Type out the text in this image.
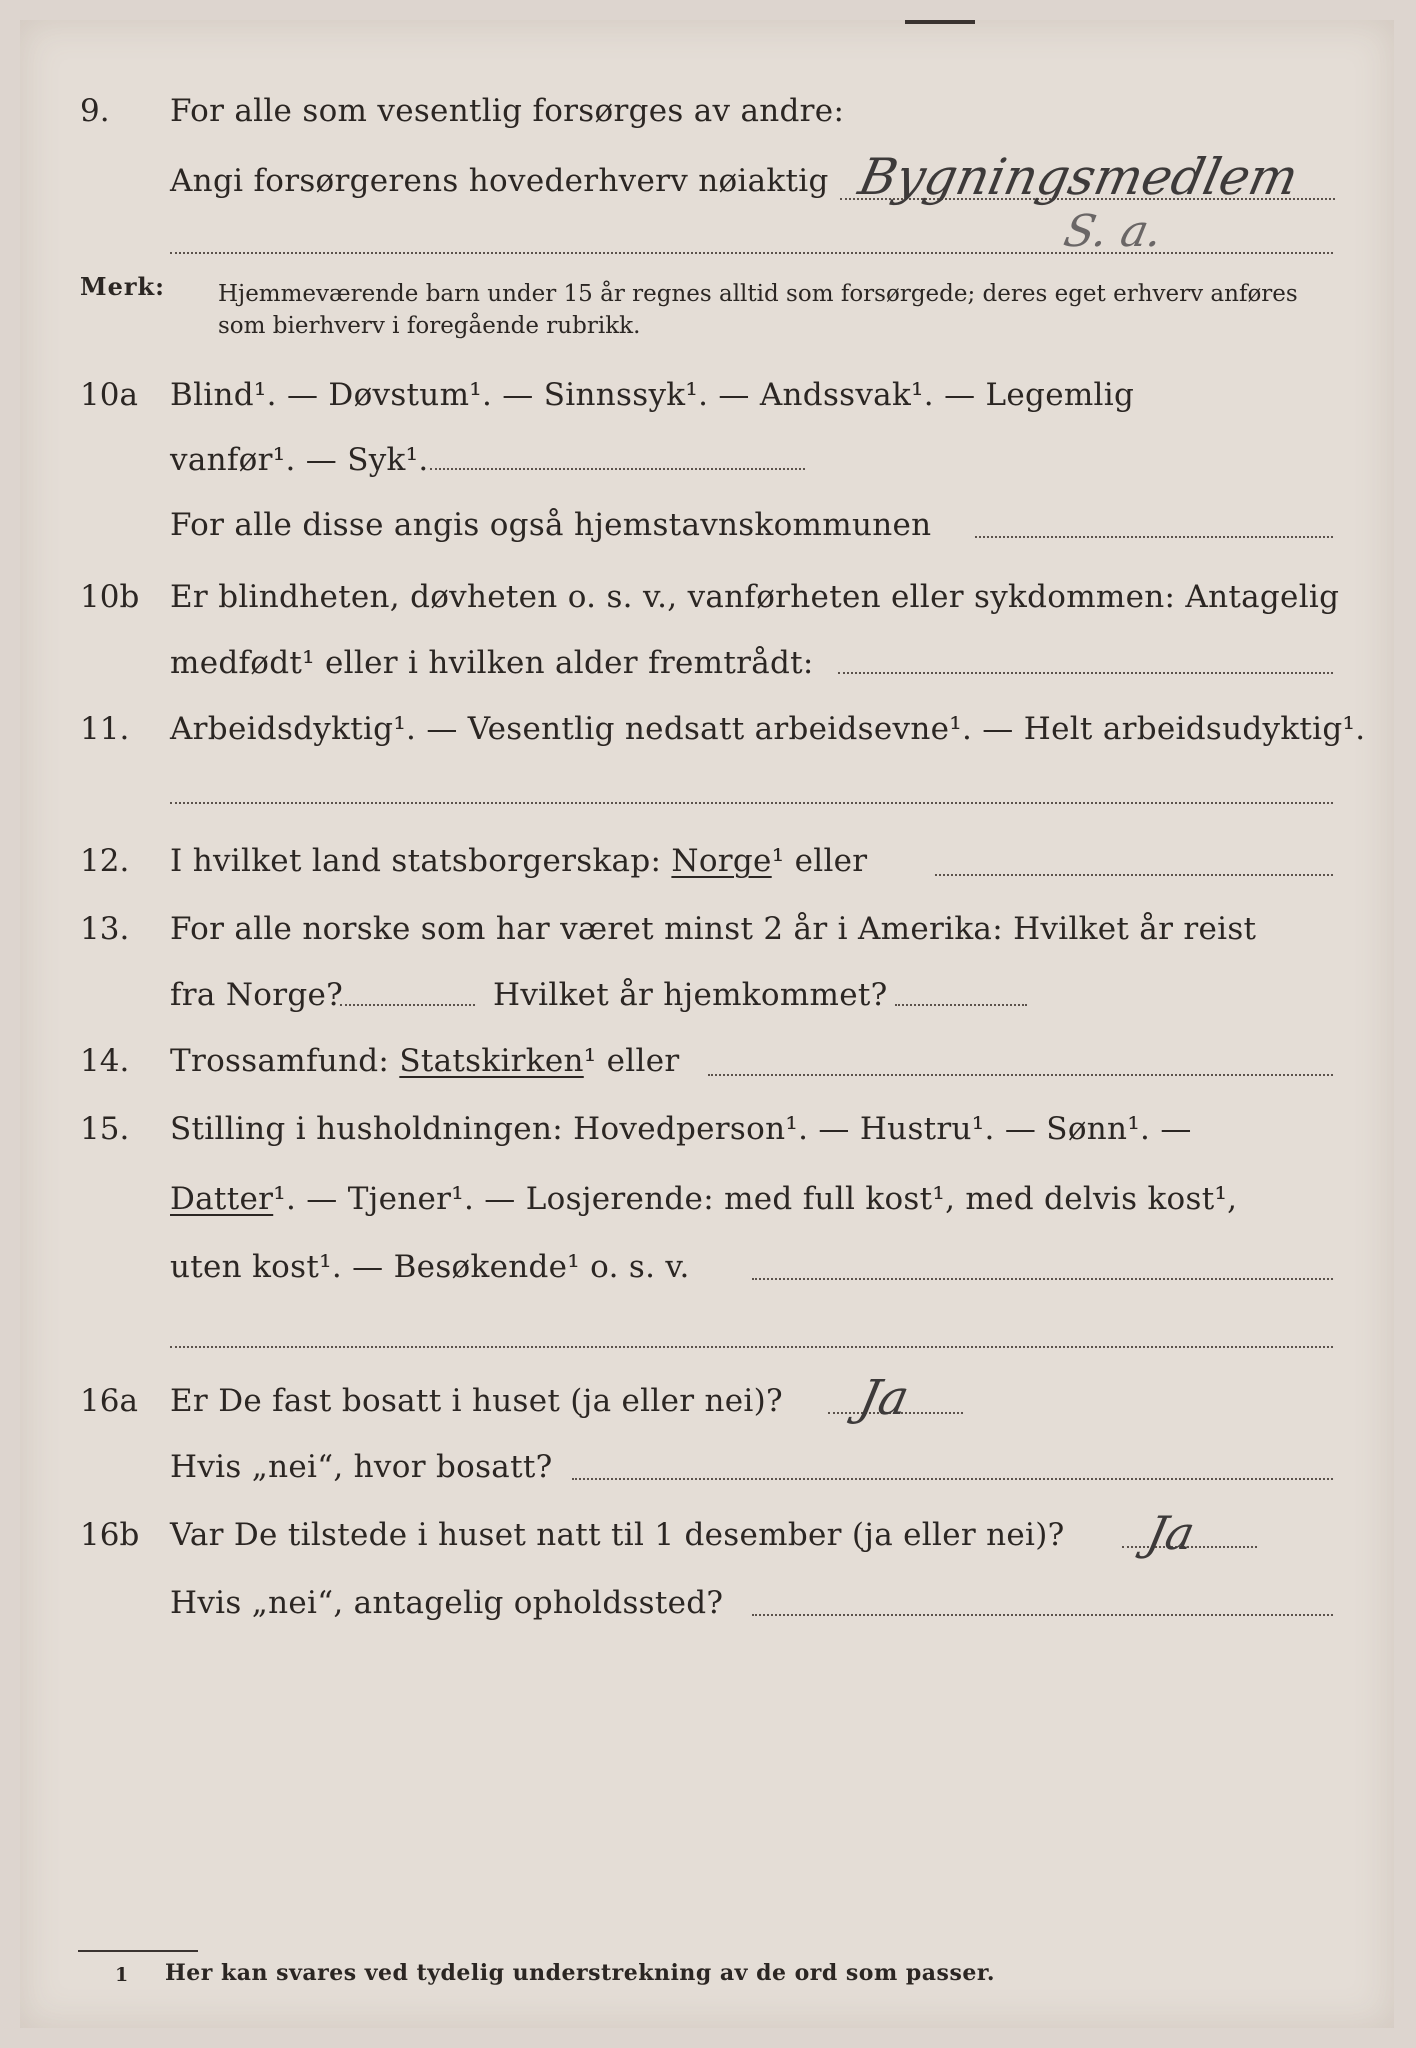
9. For alle som vesentlig forsørges av andre:
Angi forsørgerens hovederhverv nøiaktig Bygningsmedlem
S. a.
Merk: Hjemmeværende barn under 15 år regnes alltid som forsørgede; deres eget erhverv anføres som bierhverv i foregående rubrikk.
10a Blind¹. — Døvstum¹. — Sinnssyk¹. — Andssvak¹. — Legemlig
vanfør¹. — Syk¹.
For alle disse angis også hjemstavnskommunen
10b Er blindheten, døvheten o. s. v., vanførheten eller sykdommen: Antagelig
medfødt¹ eller i hvilken alder fremtrådt:
11. Arbeidsdyktig¹. — Vesentlig nedsatt arbeidsevne¹. — Helt arbeidsudyktig¹.
12. I hvilket land statsborgerskap: Norge¹ eller
13. For alle norske som har været minst 2 år i Amerika: Hvilket år reist
fra Norge?	Hvilket år hjemkommet?
14. Trossamfund: Statskirken¹ eller
15. Stilling i husholdningen: Hovedperson¹. — Hustru¹. — Sønn¹. —
Datter¹. — Tjener¹. — Losjerende: med full kost¹, med delvis kost¹,
uten kost¹. — Besøkende¹ o. s. v.
16a Er De fast bosatt i huset (ja eller nei)? Ja
Hvis „nei“, hvor bosatt?
16b Var De tilstede i huset natt til 1 desember (ja eller nei)? Ja
Hvis „nei“, antagelig opholdssted?
1 Her kan svares ved tydelig understrekning av de ord som passer.
